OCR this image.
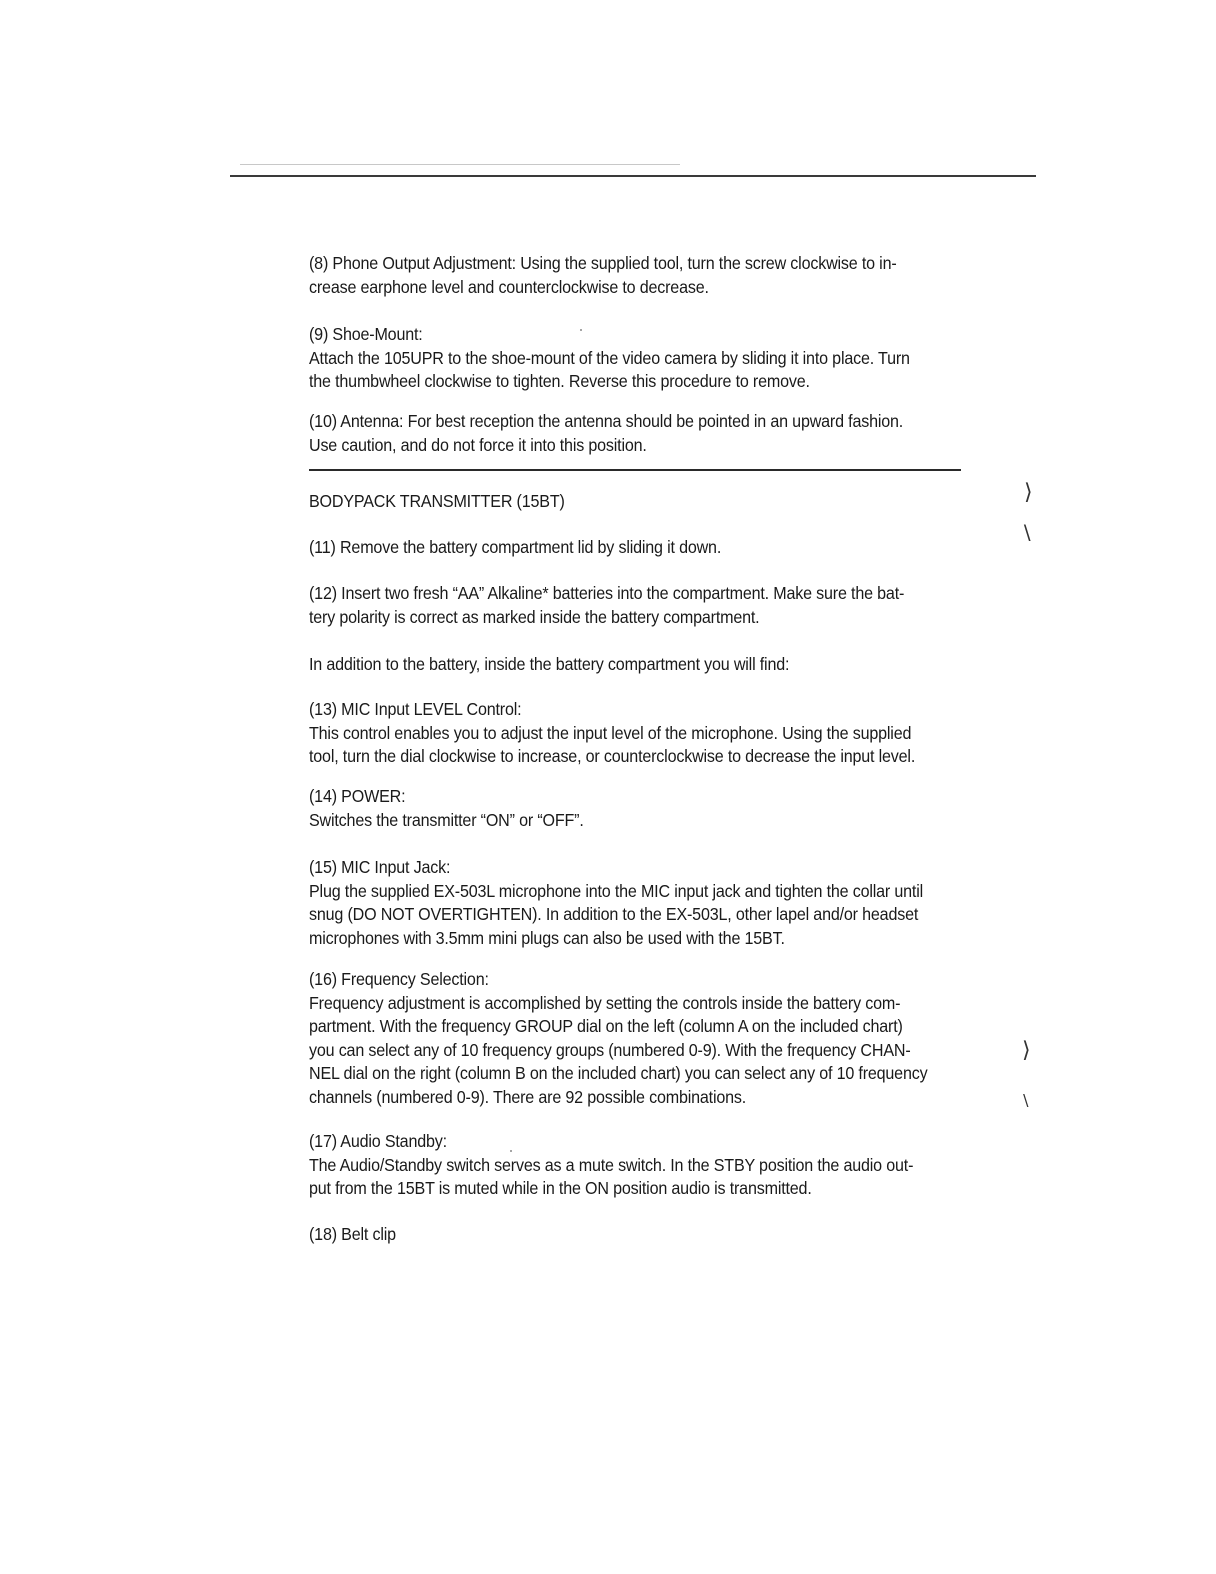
(8) Phone Output Adjustment: Using the supplied tool, turn the screw clockwise to in-

crease earphone level and counterclockwise to decrease.

(9) Shoe-Mount:

Attach the 105UPR to the shoe-mount of the video camera by sliding it into place. Turn

the thumbwheel clockwise to tighten. Reverse this procedure to remove.

(10) Antenna: For best reception the antenna should be pointed in an upward fashion.

Use caution, and do not force it into this position.

BODYPACK TRANSMITTER (15BT)

(11) Remove the battery compartment lid by sliding it down.

(12) Insert two fresh “AA” Alkaline* batteries into the compartment. Make sure the bat-

tery polarity is correct as marked inside the battery compartment.

In addition to the battery, inside the battery compartment you will find:

(13) MIC Input LEVEL Control:

This control enables you to adjust the input level of the microphone. Using the supplied

tool, turn the dial clockwise to increase, or counterclockwise to decrease the input level.

(14) POWER:

Switches the transmitter “ON” or “OFF”.

(15) MIC Input Jack:

Plug the supplied EX-503L microphone into the MIC input jack and tighten the collar until

snug (DO NOT OVERTIGHTEN). In addition to the EX-503L, other lapel and/or headset

microphones with 3.5mm mini plugs can also be used with the 15BT.

(16) Frequency Selection:

Frequency adjustment is accomplished by setting the controls inside the battery com-

partment. With the frequency GROUP dial on the left (column A on the included chart)

you can select any of 10 frequency groups (numbered 0-9). With the frequency CHAN-

NEL dial on the right (column B on the included chart) you can select any of 10 frequency

channels (numbered 0-9). There are 92 possible combinations.

(17) Audio Standby:

The Audio/Standby switch serves as a mute switch. In the STBY position the audio out-

put from the 15BT is muted while in the ON position audio is transmitted.

(18) Belt clip

⟩
∖
⟩
∖
